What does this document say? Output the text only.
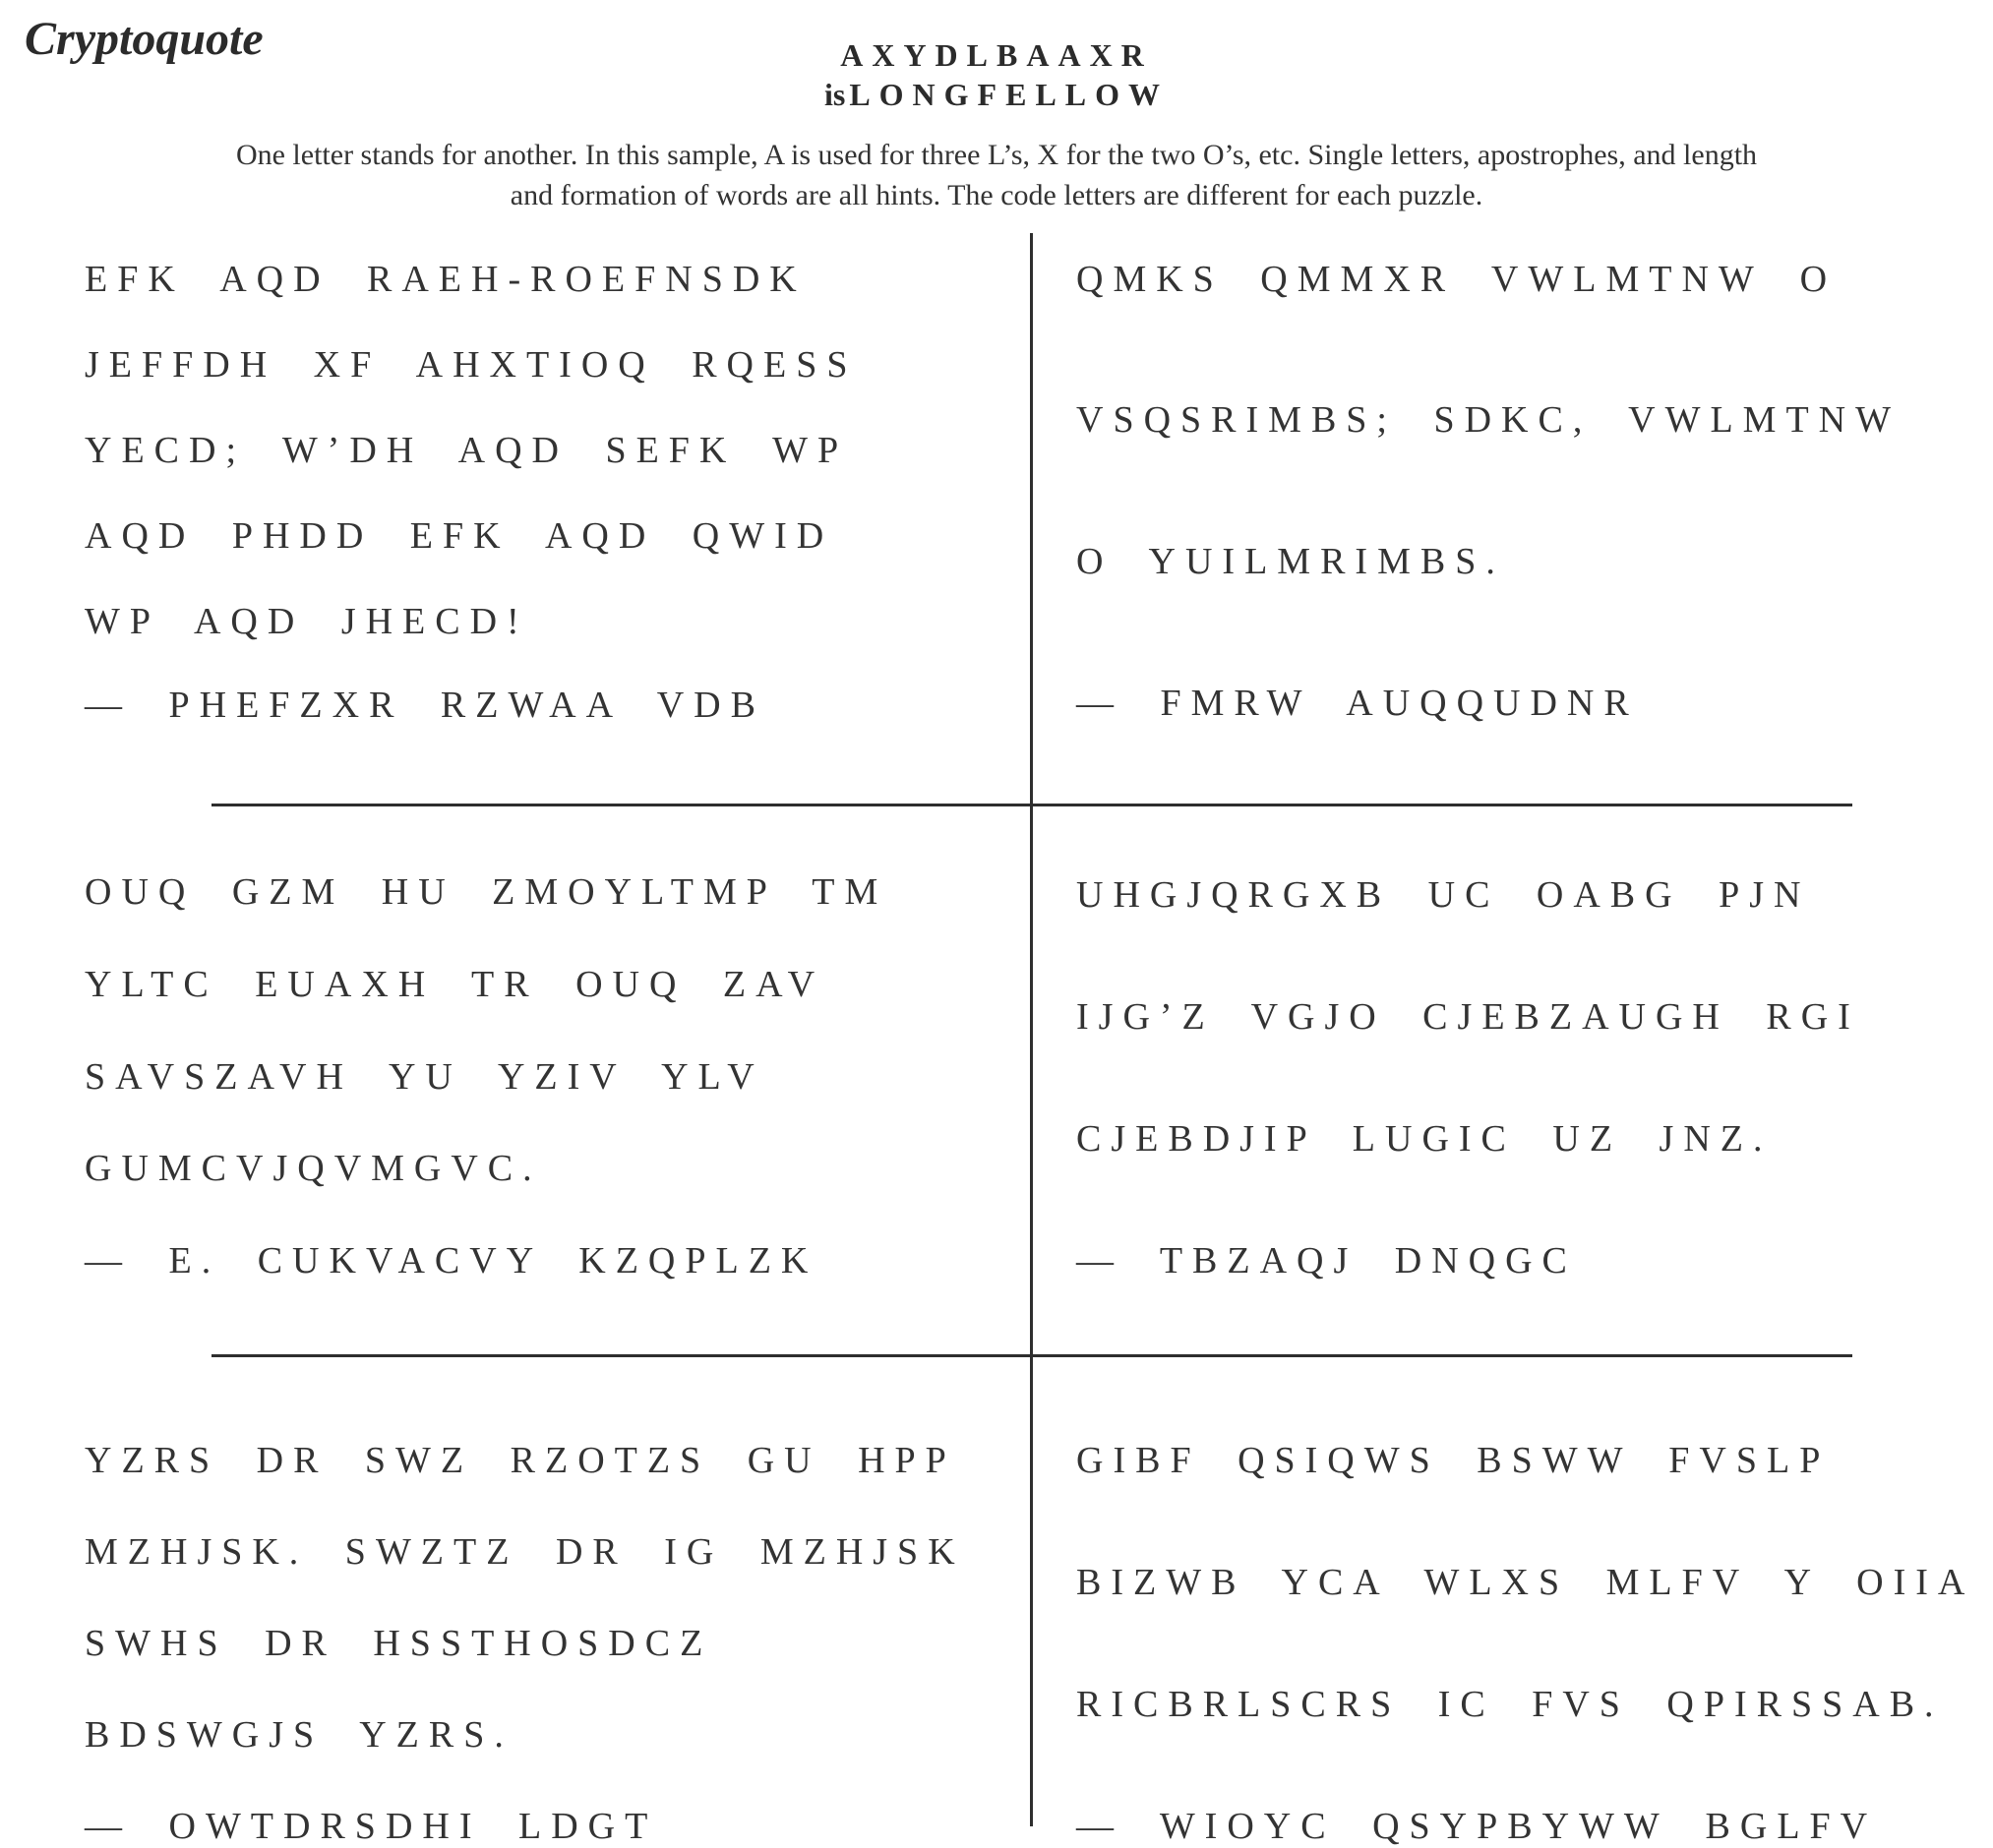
Cryptoquote	AXYDLBAAXR
is LONGFELLOW
One letter stands for another. In this sample, A is used for three L’s, X for the two O’s, etc. Single letters, apostrophes, and length
and formation of words are all hints. The code letters are different for each puzzle.
EFK AQD RAEH-ROEFNSDK
JEFFDH XF AHXTIOQ RQESS
YECD; W’DH AQD SEFK WP
AQD PHDD EFK AQD QWID
WP AQD JHECD!
— PHEFZXR RZWAA VDB
QMKS QMMXR VWLMTNW O
VSQSRIMBS; SDKC, VWLMTNW
O YUILMRIMBS.
— FMRW AUQQUDNR
OUQ GZM HU ZMOYLTMP TM
YLTC EUAXH TR OUQ ZAV
SAVSZAVH YU YZIV YLV
GUMCVJQVMGVC.
— E. CUKVACVY KZQPLZK
UHGJQRGXB UC OABG PJN
IJG’Z VGJO CJEBZAUGH RGI
CJEBDJIP LUGIC UZ JNZ.
— TBZAQJ DNQGC
YZRS DR SWZ RZOTZS GU HPP
MZHJSK. SWZTZ DR IG MZHJSK
SWHS DR HSSTHOSDCZ
BDSWGJS YZRS.
— OWTDRSDHI LDGT
GIBF QSIQWS BSWW FVSLP
BIZWB YCA WLXS MLFV Y OIIA
RICBRLSCRS IC FVS QPIRSSAB.
— WIOYC QSYPBYWW BGLFV
